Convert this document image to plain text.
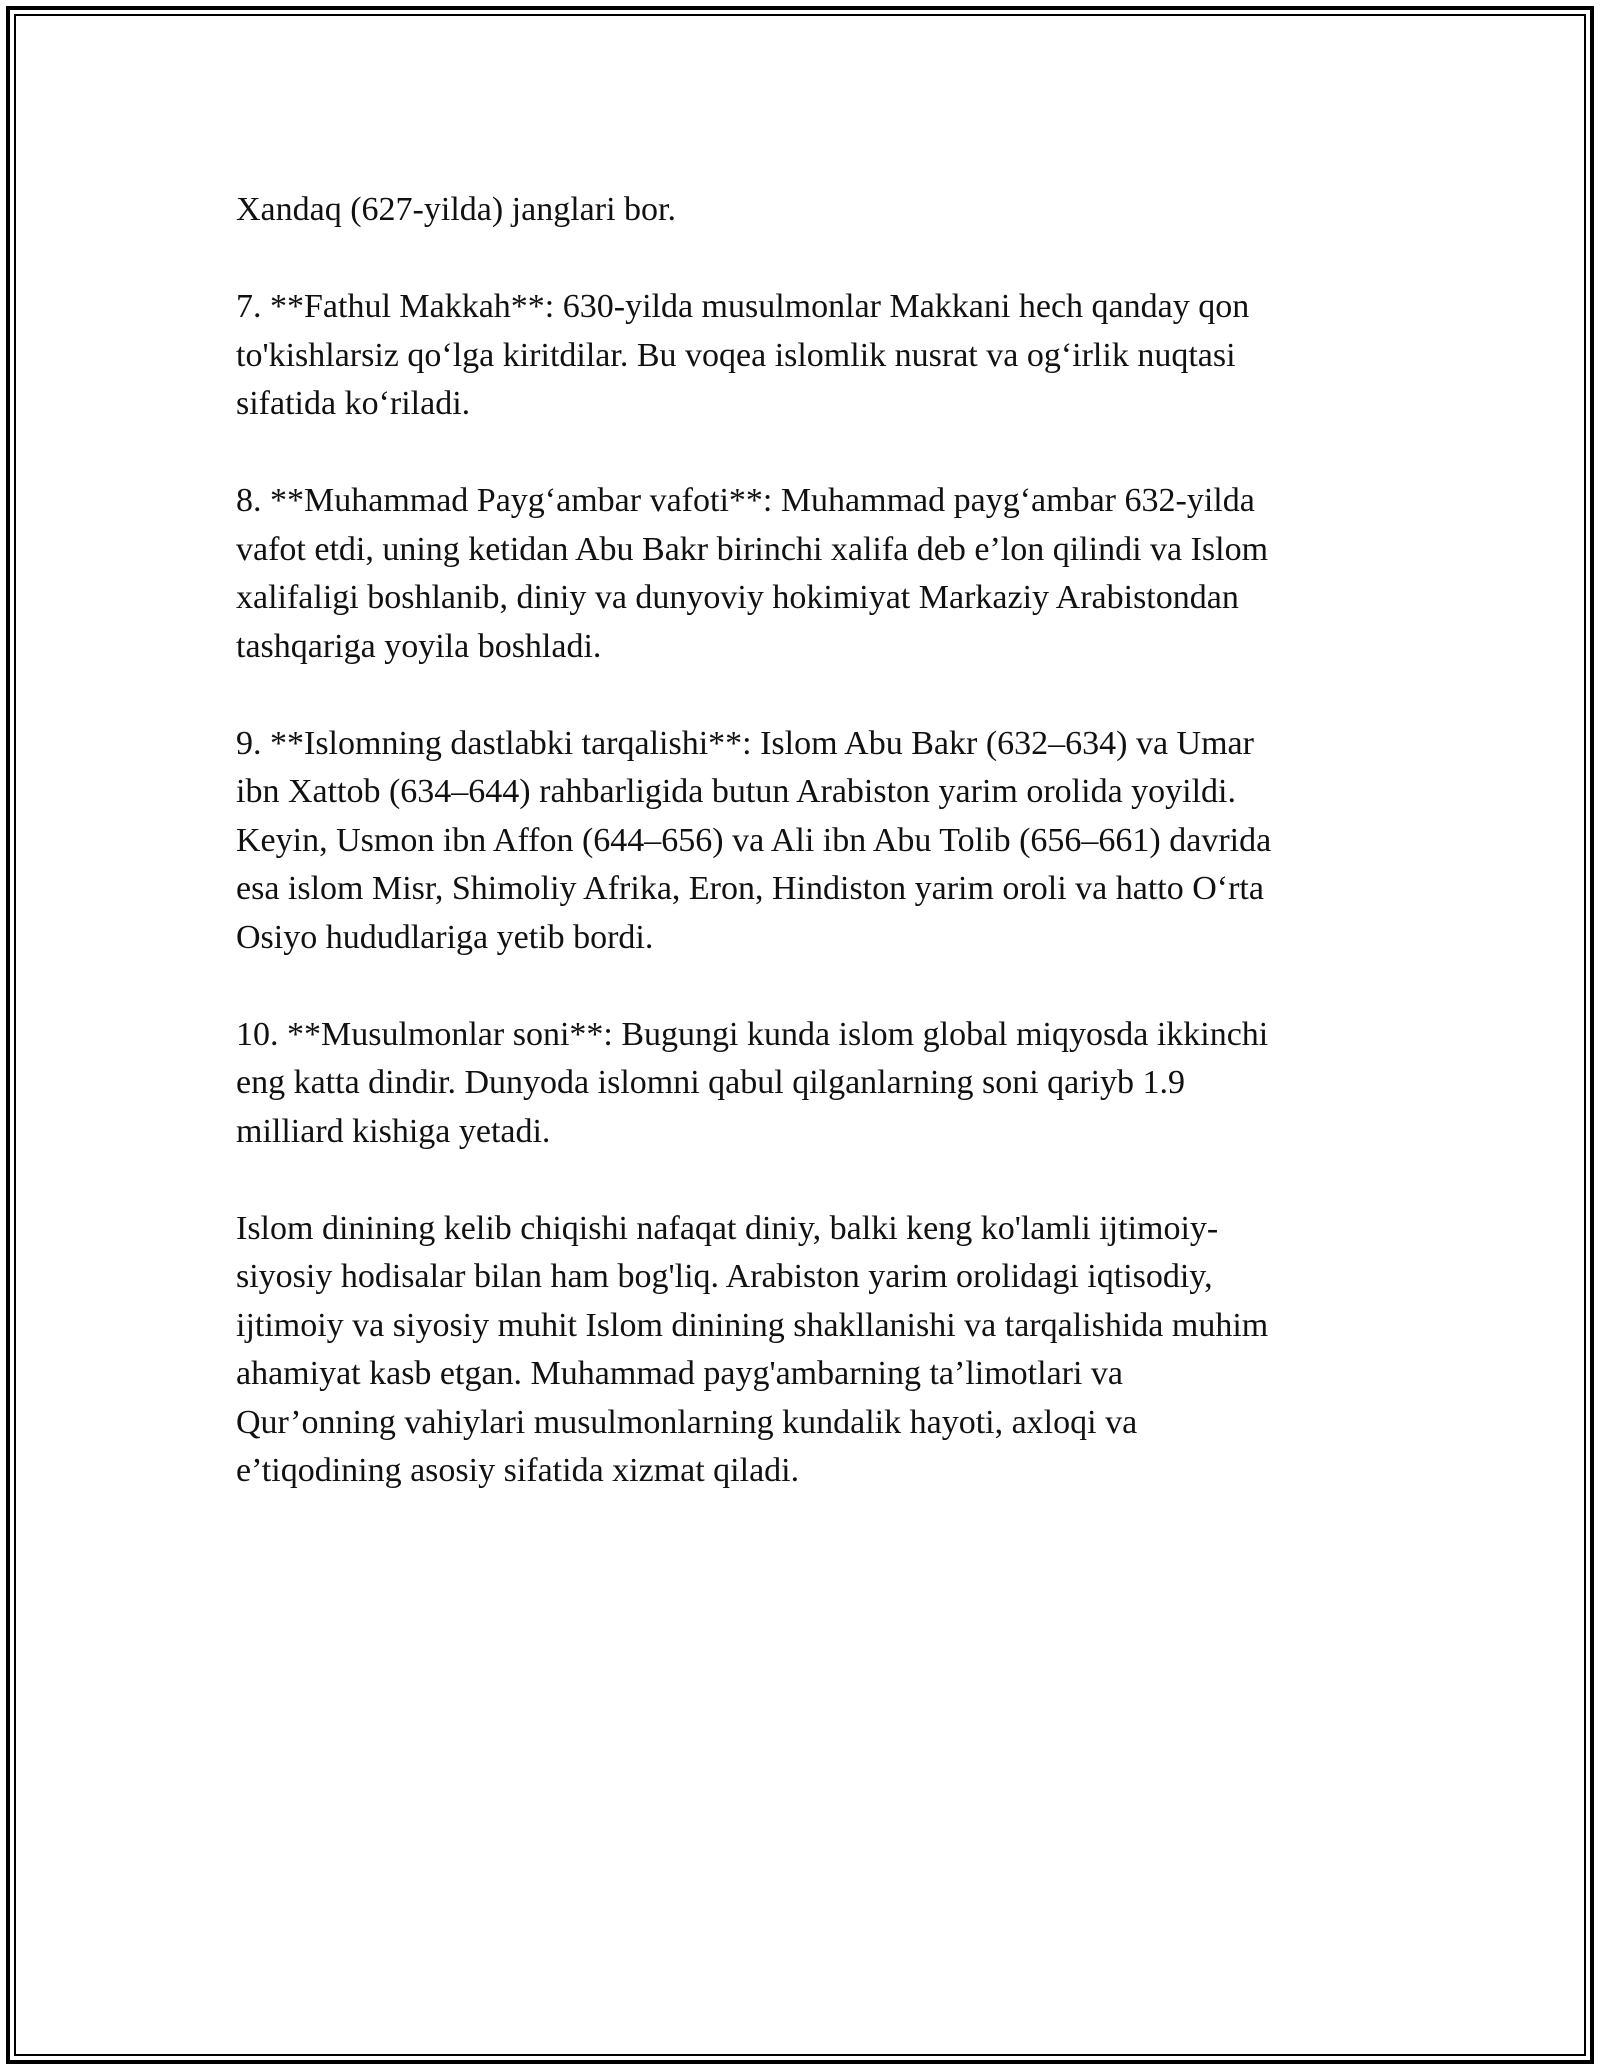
Xandaq (627-yilda) janglari bor.

7. **Fathul Makkah**: 630-yilda musulmonlar Makkani hech qanday qon
to'kishlarsiz qo‘lga kiritdilar. Bu voqea islomlik nusrat va og‘irlik nuqtasi
sifatida ko‘riladi.

8. **Muhammad Payg‘ambar vafoti**: Muhammad payg‘ambar 632-yilda
vafot etdi, uning ketidan Abu Bakr birinchi xalifa deb e’lon qilindi va Islom
xalifaligi boshlanib, diniy va dunyoviy hokimiyat Markaziy Arabistondan
tashqariga yoyila boshladi.

9. **Islomning dastlabki tarqalishi**: Islom Abu Bakr (632–634) va Umar
ibn Xattob (634–644) rahbarligida butun Arabiston yarim orolida yoyildi.
Keyin, Usmon ibn Affon (644–656) va Ali ibn Abu Tolib (656–661) davrida
esa islom Misr, Shimoliy Afrika, Eron, Hindiston yarim oroli va hatto O‘rta
Osiyo hududlariga yetib bordi.

10. **Musulmonlar soni**: Bugungi kunda islom global miqyosda ikkinchi
eng katta dindir. Dunyoda islomni qabul qilganlarning soni qariyb 1.9
milliard kishiga yetadi.

Islom dinining kelib chiqishi nafaqat diniy, balki keng ko'lamli ijtimoiy-
siyosiy hodisalar bilan ham bog'liq. Arabiston yarim orolidagi iqtisodiy,
ijtimoiy va siyosiy muhit Islom dinining shakllanishi va tarqalishida muhim
ahamiyat kasb etgan. Muhammad payg'ambarning ta’limotlari va
Qur’onning vahiylari musulmonlarning kundalik hayoti, axloqi va
e’tiqodining asosiy sifatida xizmat qiladi.
